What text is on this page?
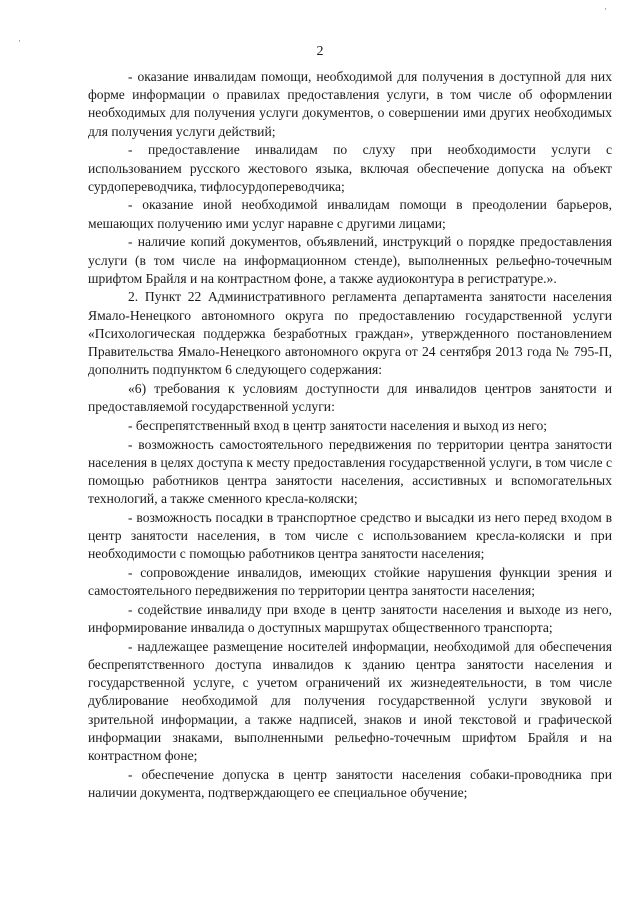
·
·
2

- оказание инвалидам помощи, необходимой для получения в доступной для них форме информации о правилах предоставления услуги, в том числе об оформлении необходимых для получения услуги документов, о совершении ими других необходимых для получения услуги действий;

- предоставление инвалидам по слуху при необходимости услуги с использованием русского жестового языка, включая обеспечение допуска на объект сурдопереводчика, тифлосурдопереводчика;

- оказание иной необходимой инвалидам помощи в преодолении барьеров, мешающих получению ими услуг наравне с другими лицами;

- наличие копий документов, объявлений, инструкций о порядке предоставления услуги (в том числе на информационном стенде), выполненных рельефно-точечным шрифтом Брайля и на контрастном фоне, а также аудиоконтура в регистратуре.».

2. Пункт 22 Административного регламента департамента занятости населения Ямало-Ненецкого автономного округа по предоставлению государственной услуги «Психологическая поддержка безработных граждан», утвержденного постановлением Правительства Ямало-Ненецкого автономного округа от 24 сентября 2013 года № 795-П, дополнить подпунктом 6 следующего содержания:

«6) требования к условиям доступности для инвалидов центров занятости и предоставляемой государственной услуги:

- беспрепятственный вход в центр занятости населения и выход из него;

- возможность самостоятельного передвижения по территории центра занятости населения в целях доступа к месту предоставления государственной услуги, в том числе с помощью работников центра занятости населения, ассистивных и вспомогательных технологий, а также сменного кресла-коляски;

- возможность посадки в транспортное средство и высадки из него перед входом в центр занятости населения, в том числе с использованием кресла-коляски и при необходимости с помощью работников центра занятости населения;

- сопровождение инвалидов, имеющих стойкие нарушения функции зрения и самостоятельного передвижения по территории центра занятости населения;

- содействие инвалиду при входе в центр занятости населения и выходе из него, информирование инвалида о доступных маршрутах общественного транспорта;

- надлежащее размещение носителей информации, необходимой для обеспечения беспрепятственного доступа инвалидов к зданию центра занятости населения и государственной услуге, с учетом ограничений их жизнедеятельности, в том числе дублирование необходимой для получения государственной услуги звуковой и зрительной информации, а также надписей, знаков и иной текстовой и графической информации знаками, выполненными рельефно-точечным шрифтом Брайля и на контрастном фоне;

- обеспечение допуска в центр занятости населения собаки-проводника при наличии документа, подтверждающего ее специальное обучение;
